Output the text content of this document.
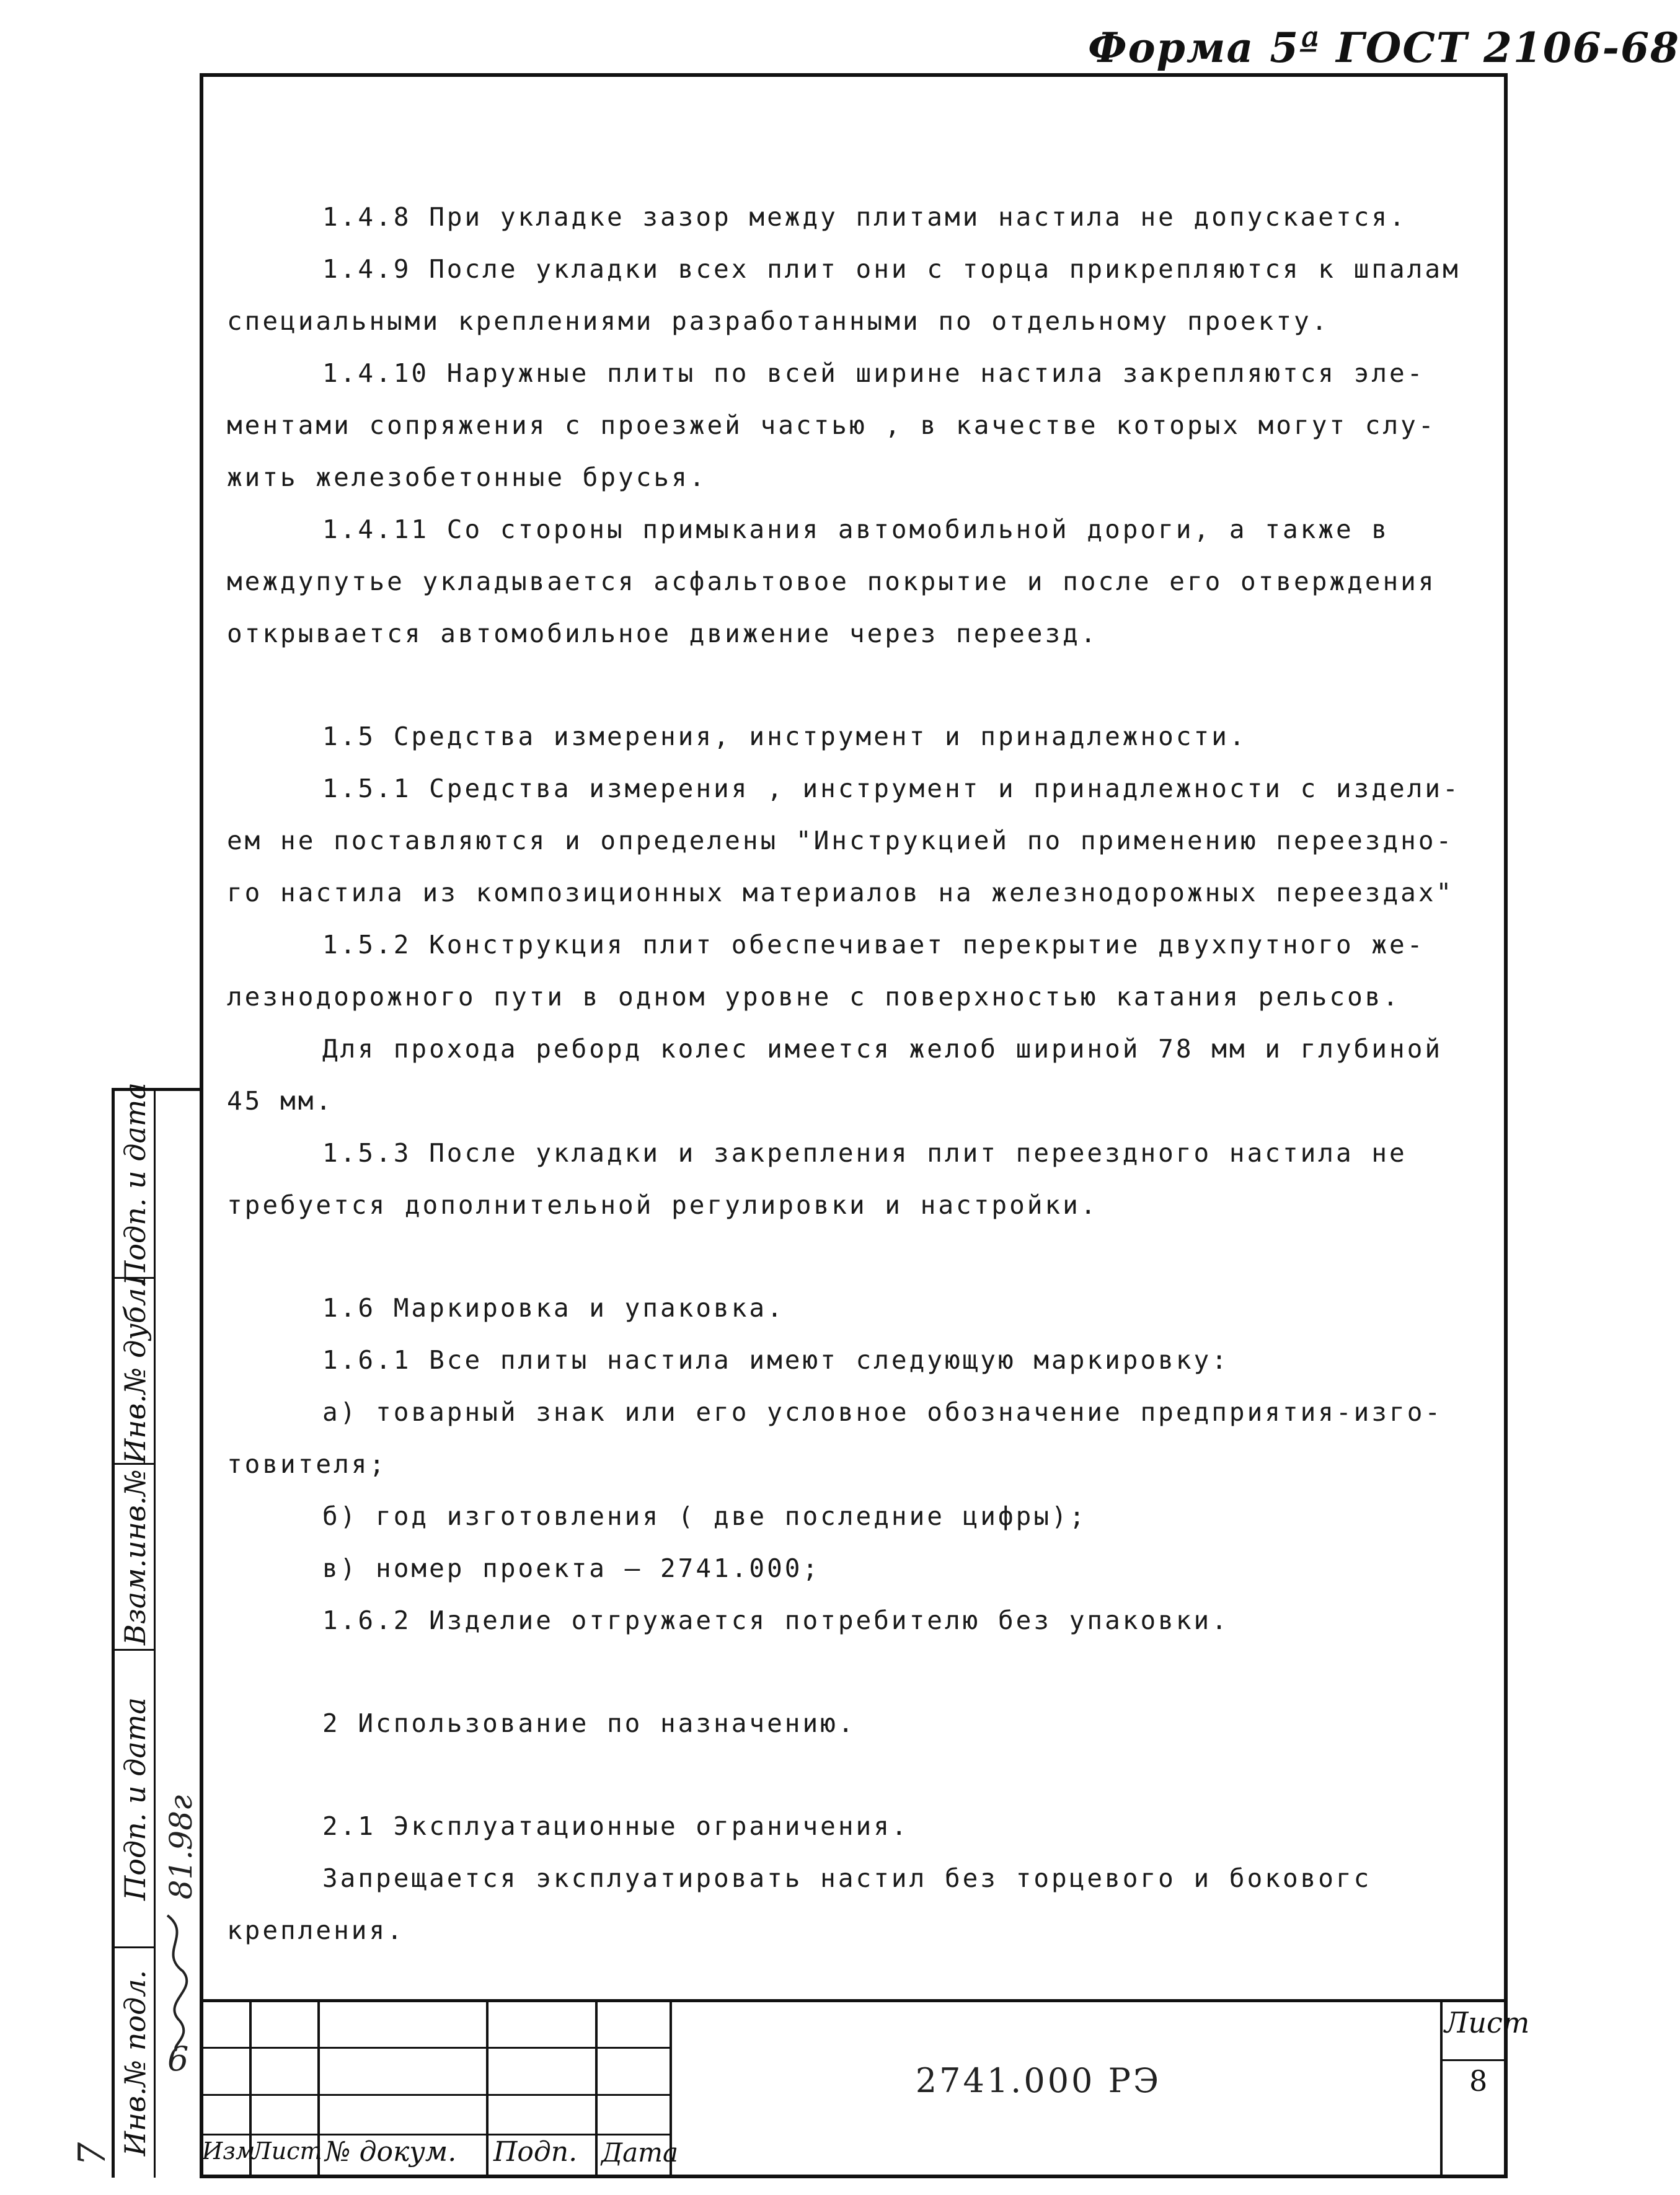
Форма 5ª ГОСТ 2106-68
1.4.8 При укладке зазор между плитами настила не допускается.
1.4.9 После укладки всех плит они с торца прикрепляются к шпалам
специальными креплениями разработанными по отдельному проекту.
1.4.10 Наружные плиты по всей ширине настила закрепляются эле-
ментами сопряжения с проезжей частью , в качестве которых могут слу-
жить железобетонные брусья.
1.4.11 Со стороны примыкания автомобильной дороги, а также в
междупутье укладывается асфальтовое покрытие и после его отверждения
открывается автомобильное движение через переезд.
1.5 Средства измерения, инструмент и принадлежности.
1.5.1 Средства измерения , инструмент и принадлежности с издели-
ем не поставляются и определены "Инструкцией по применению переездно-
го настила из композиционных материалов на железнодорожных переездах"
1.5.2 Конструкция плит обеспечивает перекрытие двухпутного же-
лезнодорожного пути в одном уровне с поверхностью катания рельсов.
Для прохода реборд колес имеется желоб шириной 78 мм и глубиной
45 мм.
1.5.3 После укладки и закрепления плит переездного настила не
требуется дополнительной регулировки и настройки.
1.6 Маркировка и упаковка.
1.6.1 Все плиты настила имеют следующую маркировку:
а) товарный знак или его условное обозначение предприятия-изго-
товителя;
б) год изготовления ( две последние цифры);
в) номер проекта – 2741.000;
1.6.2 Изделие отгружается потребителю без упаковки.
2 Использование по назначению.
2.1 Эксплуатационные ограничения.
Запрещается эксплуатировать настил без торцевого и боковогс
крепления.
Подп. и дата
Инв.№ дубл.
Взам.инв.№
Подп. и дата
Инв.№ подл.
81.98г
6
7	Изм
Лист № докум. Подп. Дата
2741.000 РЭ
Лист
8
